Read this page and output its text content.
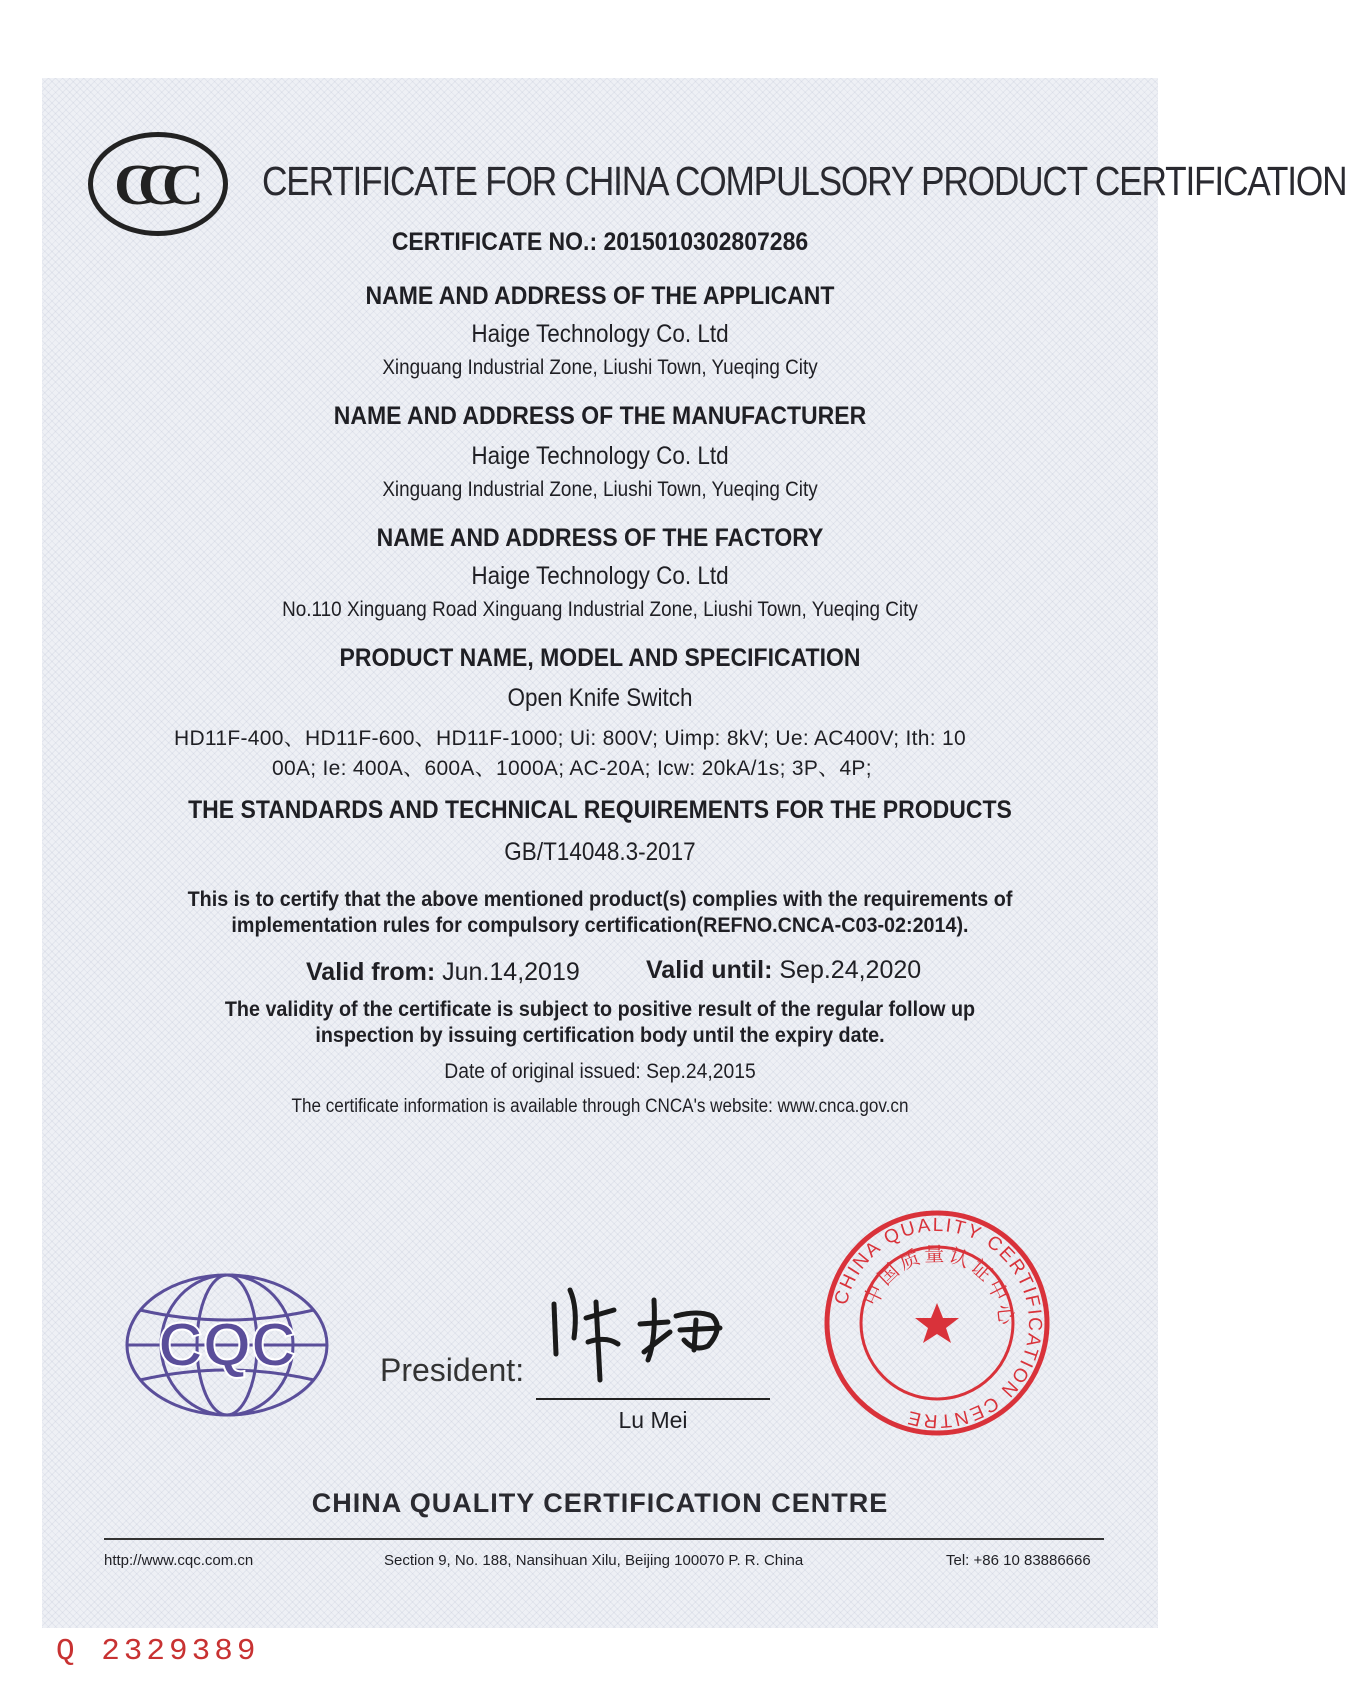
CCC	CERTIFICATE FOR CHINA COMPULSORY PRODUCT CERTIFICATION
CERTIFICATE NO.: 2015010302807286
NAME AND ADDRESS OF THE APPLICANT
Haige Technology Co. Ltd
Xinguang Industrial Zone, Liushi Town, Yueqing City
NAME AND ADDRESS OF THE MANUFACTURER
Haige Technology Co. Ltd
Xinguang Industrial Zone, Liushi Town, Yueqing City
NAME AND ADDRESS OF THE FACTORY
Haige Technology Co. Ltd
No.110 Xinguang Road Xinguang Industrial Zone, Liushi Town, Yueqing City
PRODUCT NAME, MODEL AND SPECIFICATION
Open Knife Switch
HD11F-400、HD11F-600、HD11F-1000; Ui: 800V; Uimp: 8kV; Ue: AC400V; Ith: 10
00A; Ie: 400A、600A、1000A; AC-20A; Icw: 20kA/1s; 3P、4P;
THE STANDARDS AND TECHNICAL REQUIREMENTS FOR THE PRODUCTS
GB/T14048.3-2017
This is to certify that the above mentioned product(s) complies with the requirements of
implementation rules for compulsory certification(REFNO.CNCA-C03-02:2014).
Valid from: Jun.14,2019	Valid until: Sep.24,2020
The validity of the certificate is subject to positive result of the regular follow up
inspection by issuing certification body until the expiry date.
Date of original issued: Sep.24,2015
The certificate information is available through CNCA's website: www.cnca.gov.cn
CQC	President:
Lu Mei
CHINA QUALITY CERTIFICATION CENTRE
中国质量认证中心
CHINA QUALITY CERTIFICATION CENTRE
http://www.cqc.com.cn	Section 9, No. 188, Nansihuan Xilu, Beijing 100070 P. R. China	Tel: +86 10 83886666
Q 2329389
